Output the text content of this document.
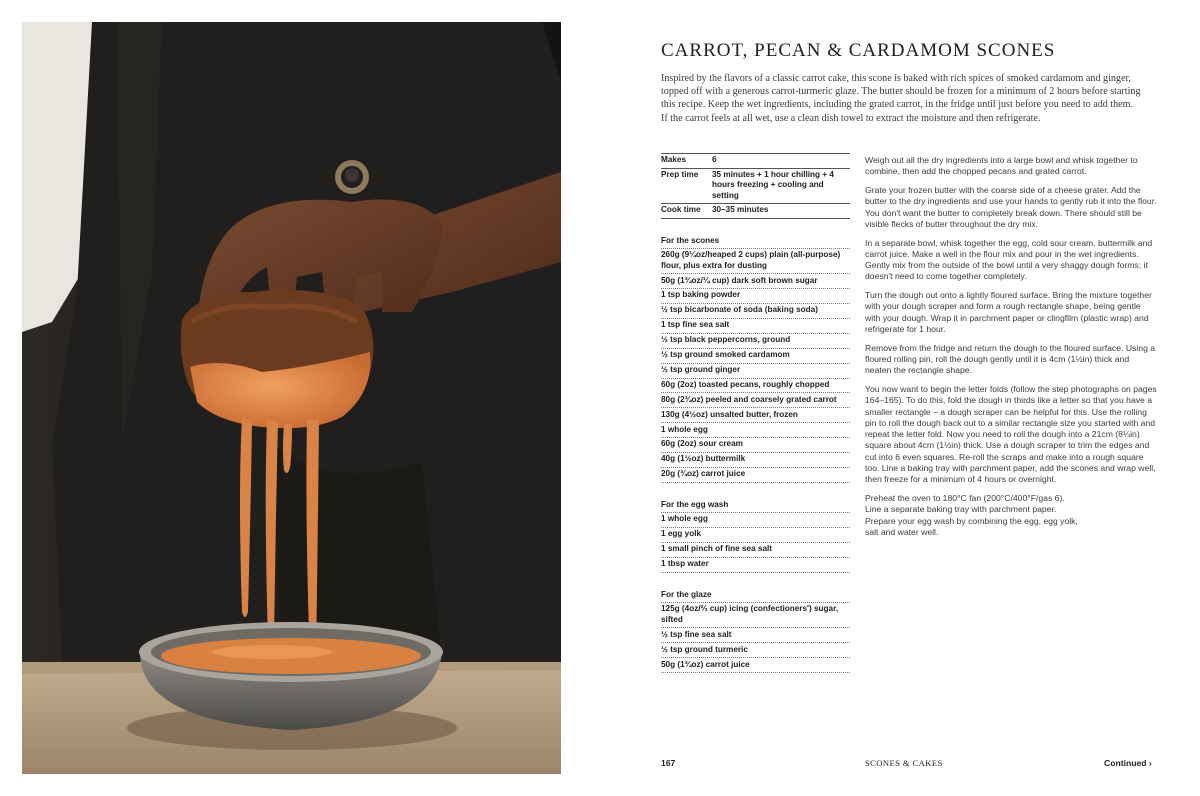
CARROT, PECAN & CARDAMOM SCONES

Inspired by the flavors of a classic carrot cake, this scone is baked with rich spices of smoked cardamom and ginger, topped off with a generous carrot-turmeric glaze. The butter should be frozen for a minimum of 2 hours before starting this recipe. Keep the wet ingredients, including the grated carrot, in the fridge until just before you need to add them. If the carrot feels at all wet, use a clean dish towel to extract the moisture and then refrigerate.

Makes	6
Prep time	35 minutes + 1 hour chilling + 4 hours freezing + cooling and setting
Cook time	30–35 minutes
For the scones
260g (9¼oz/heaped 2 cups) plain (all-purpose) flour, plus extra for dusting
50g (1¾oz/¼ cup) dark soft brown sugar
1 tsp baking powder
½ tsp bicarbonate of soda (baking soda)
1 tsp fine sea salt
½ tsp black peppercorns, ground
½ tsp ground smoked cardamom
½ tsp ground ginger
60g (2oz) toasted pecans, roughly chopped
80g (2¾oz) peeled and coarsely grated carrot
130g (4½oz) unsalted butter, frozen
1 whole egg
60g (2oz) sour cream
40g (1½oz) buttermilk
20g (¾oz) carrot juice
For the egg wash
1 whole egg
1 egg yolk
1 small pinch of fine sea salt
1 tbsp water
For the glaze
125g (4oz/⅔ cup) icing (confectioners') sugar, sifted
½ tsp fine sea salt
½ tsp ground turmeric
50g (1¾oz) carrot juice

Weigh out all the dry ingredients into a large bowl and whisk together to combine, then add the chopped pecans and grated carrot.

Grate your frozen butter with the coarse side of a cheese grater. Add the butter to the dry ingredients and use your hands to gently rub it into the flour. You don't want the butter to completely break down. There should still be visible flecks of butter throughout the dry mix.

In a separate bowl, whisk together the egg, cold sour cream, buttermilk and carrot juice. Make a well in the flour mix and pour in the wet ingredients. Gently mix from the outside of the bowl until a very shaggy dough forms; it doesn't need to come together completely.

Turn the dough out onto a lightly floured surface. Bring the mixture together with your dough scraper and form a rough rectangle shape, being gentle with your dough. Wrap it in parchment paper or clingfilm (plastic wrap) and refrigerate for 1 hour.

Remove from the fridge and return the dough to the floured surface. Using a floured rolling pin, roll the dough gently until it is 4cm (1½in) thick and neaten the rectangle shape.

You now want to begin the letter folds (follow the step photographs on pages 164–165). To do this, fold the dough in thirds like a letter so that you have a smaller rectangle – a dough scraper can be helpful for this. Use the rolling pin to roll the dough back out to a similar rectangle size you started with and repeat the letter fold. Now you need to roll the dough into a 21cm (8¼in) square about 4cm (1½in) thick. Use a dough scraper to trim the edges and cut into 6 even squares. Re-roll the scraps and make into a rough square too. Line a baking tray with parchment paper, add the scones and wrap well, then freeze for a minimum of 4 hours or overnight.

Preheat the oven to 180°C fan (200°C/400°F/gas 6).
Line a separate baking tray with parchment paper.
Prepare your egg wash by combining the egg, egg yolk,
salt and water well.

167	SCONES & CAKES	Continued ›
